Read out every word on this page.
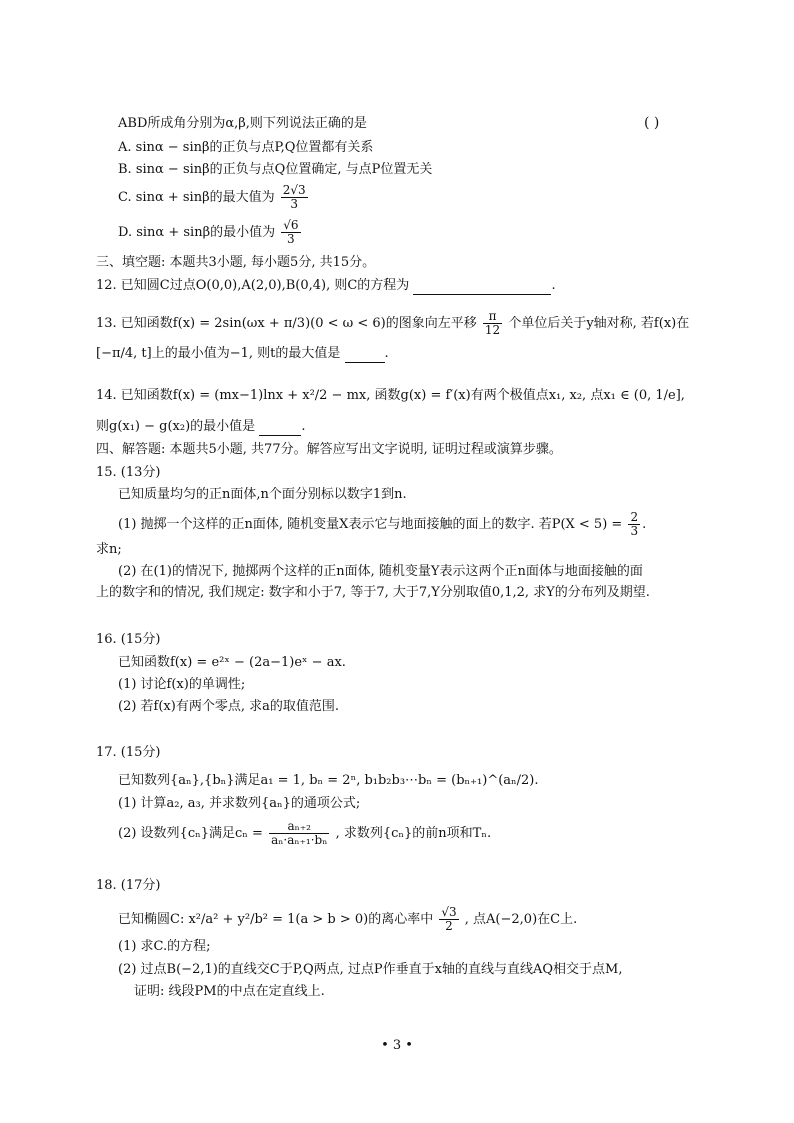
ABD所成角分别为α,β,则下列说法正确的是	( )
A. sinα − sinβ的正负与点P,Q位置都有关系
B. sinα − sinβ的正负与点Q位置确定, 与点P位置无关
C. sinα + sinβ的最大值为 $\frac{2√3}{3}$
D. sinα + sinβ的最小值为 $\frac{√6}{3}$
三、填空题: 本题共3小题, 每小题5分, 共15分。
12. 已知圆C过点O(0,0),A(2,0),B(0,4), 则C的方程为	.
13. 已知函数f(x) = 2sin(ωx + π/3)(0 < ω < 6)的图象向左平移 $\frac{\pi}{12}$ 个单位后关于y轴对称, 若f(x)在
[−π/4, t]上的最小值为−1, 则t的最大值是	.
14. 已知函数f(x) = (mx−1)lnx + x²/2 − mx, 函数g(x) = f′(x)有两个极值点x₁, x₂, 点x₁ ∈ (0, 1/e],
则g(x₁) − g(x₂)的最小值是	.
四、解答题: 本题共5小题, 共77分。解答应写出文字说明, 证明过程或演算步骤。
15. (13分)
已知质量均匀的正n面体,n个面分别标以数字1到n.
(1) 抛掷一个这样的正n面体, 随机变量X表示它与地面接触的面上的数字. 若$P(X < 5) = \frac{2}{3}$ .
求n;
(2) 在(1)的情况下, 抛掷两个这样的正n面体, 随机变量Y表示这两个正n面体与地面接触的面
上的数字和的情况, 我们规定: 数字和小于7, 等于7, 大于7,Y分别取值0,1,2, 求Y的分布列及期望.
16. (15分)
已知函数f(x) = e²ˣ − (2a−1)eˣ − ax.
(1) 讨论f(x)的单调性;
(2) 若f(x)有两个零点, 求a的取值范围.
17. (15分)
已知数列{aₙ},{bₙ}满足a₁ = 1, bₙ = 2ⁿ, b₁b₂b₃⋯bₙ = (bₙ₊₁)^(aₙ/2).
(1) 计算a₂, a₃, 并求数列{aₙ}的通项公式;
(2) 设数列{cₙ}满足$c_n = \frac{\text{aₙ₊₂}}{\text{aₙ·aₙ₊₁·bₙ}}$ , 求数列{cₙ}的前n项和Tₙ.
18. (17分)
已知椭圆C: x²/a² + y²/b² = 1(a > b > 0)的离心率中 $\frac{√3}{2}$ , 点A(−2,0)在C上.
(1) 求C.的方程;
(2) 过点B(−2,1)的直线交C于P,Q两点, 过点P作垂直于x轴的直线与直线AQ相交于点M,
证明: 线段PM的中点在定直线上.
• 3 •
